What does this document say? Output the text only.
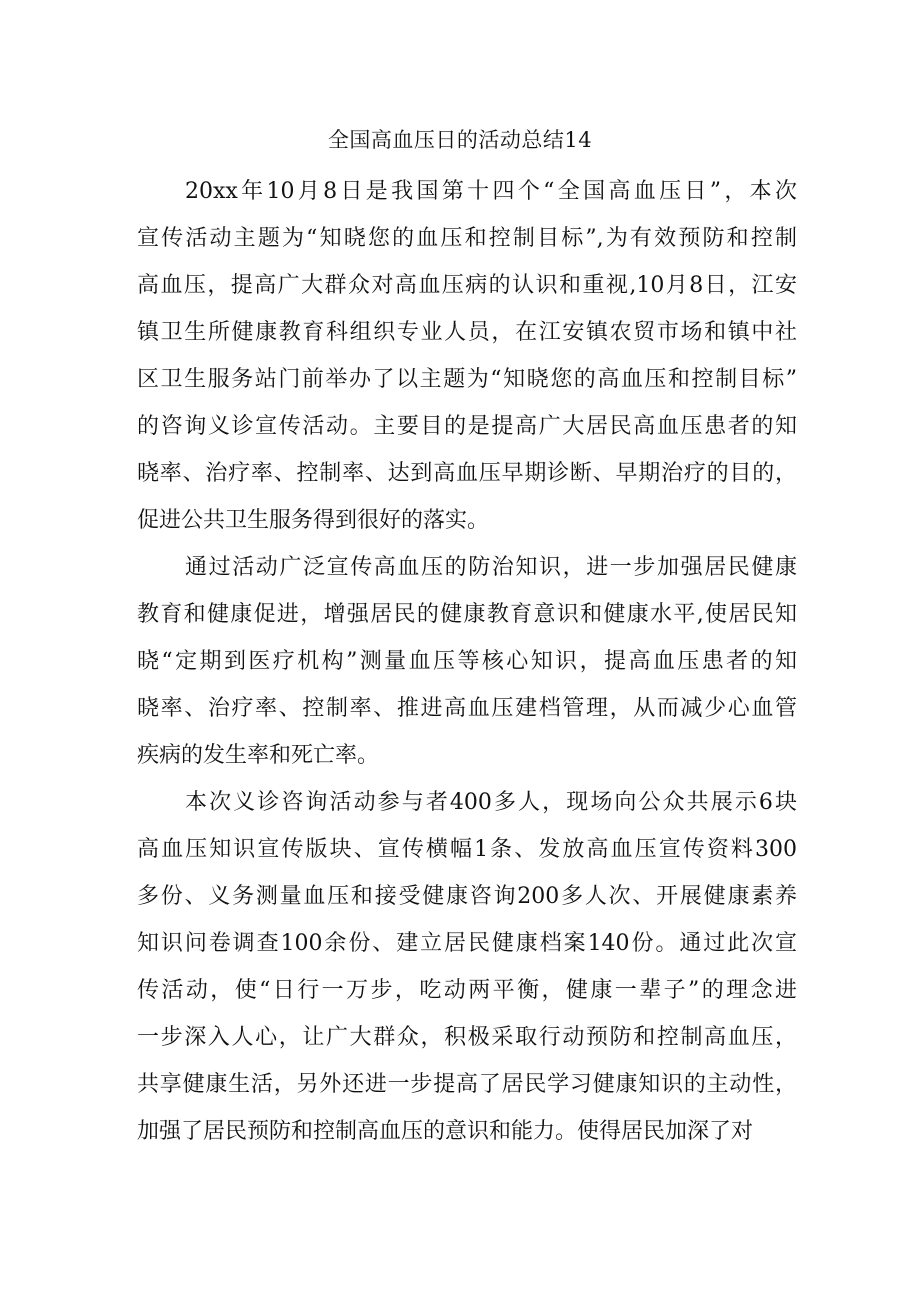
全国高血压日的活动总结14
20xx年10月8日是我国第十四个“全国高血压日”，本次
宣传活动主题为“知晓您的血压和控制目标”,为有效预防和控制
高血压，提高广大群众对高血压病的认识和重视,10月8日，江安
镇卫生所健康教育科组织专业人员，在江安镇农贸市场和镇中社
区卫生服务站门前举办了以主题为“知晓您的高血压和控制目标”
的咨询义诊宣传活动。主要目的是提高广大居民高血压患者的知
晓率、治疗率、控制率、达到高血压早期诊断、早期治疗的目的，
促进公共卫生服务得到很好的落实。
通过活动广泛宣传高血压的防治知识，进一步加强居民健康
教育和健康促进，增强居民的健康教育意识和健康水平,使居民知
晓“定期到医疗机构”测量血压等核心知识，提高血压患者的知
晓率、治疗率、控制率、推进高血压建档管理，从而减少心血管
疾病的发生率和死亡率。
本次义诊咨询活动参与者400多人，现场向公众共展示6块
高血压知识宣传版块、宣传横幅1条、发放高血压宣传资料300
多份、义务测量血压和接受健康咨询200多人次、开展健康素养
知识问卷调查100余份、建立居民健康档案140份。通过此次宣
传活动，使“日行一万步，吃动两平衡，健康一辈子”的理念进
一步深入人心，让广大群众，积极采取行动预防和控制高血压，
共享健康生活，另外还进一步提高了居民学习健康知识的主动性，
加强了居民预防和控制高血压的意识和能力。使得居民加深了对
